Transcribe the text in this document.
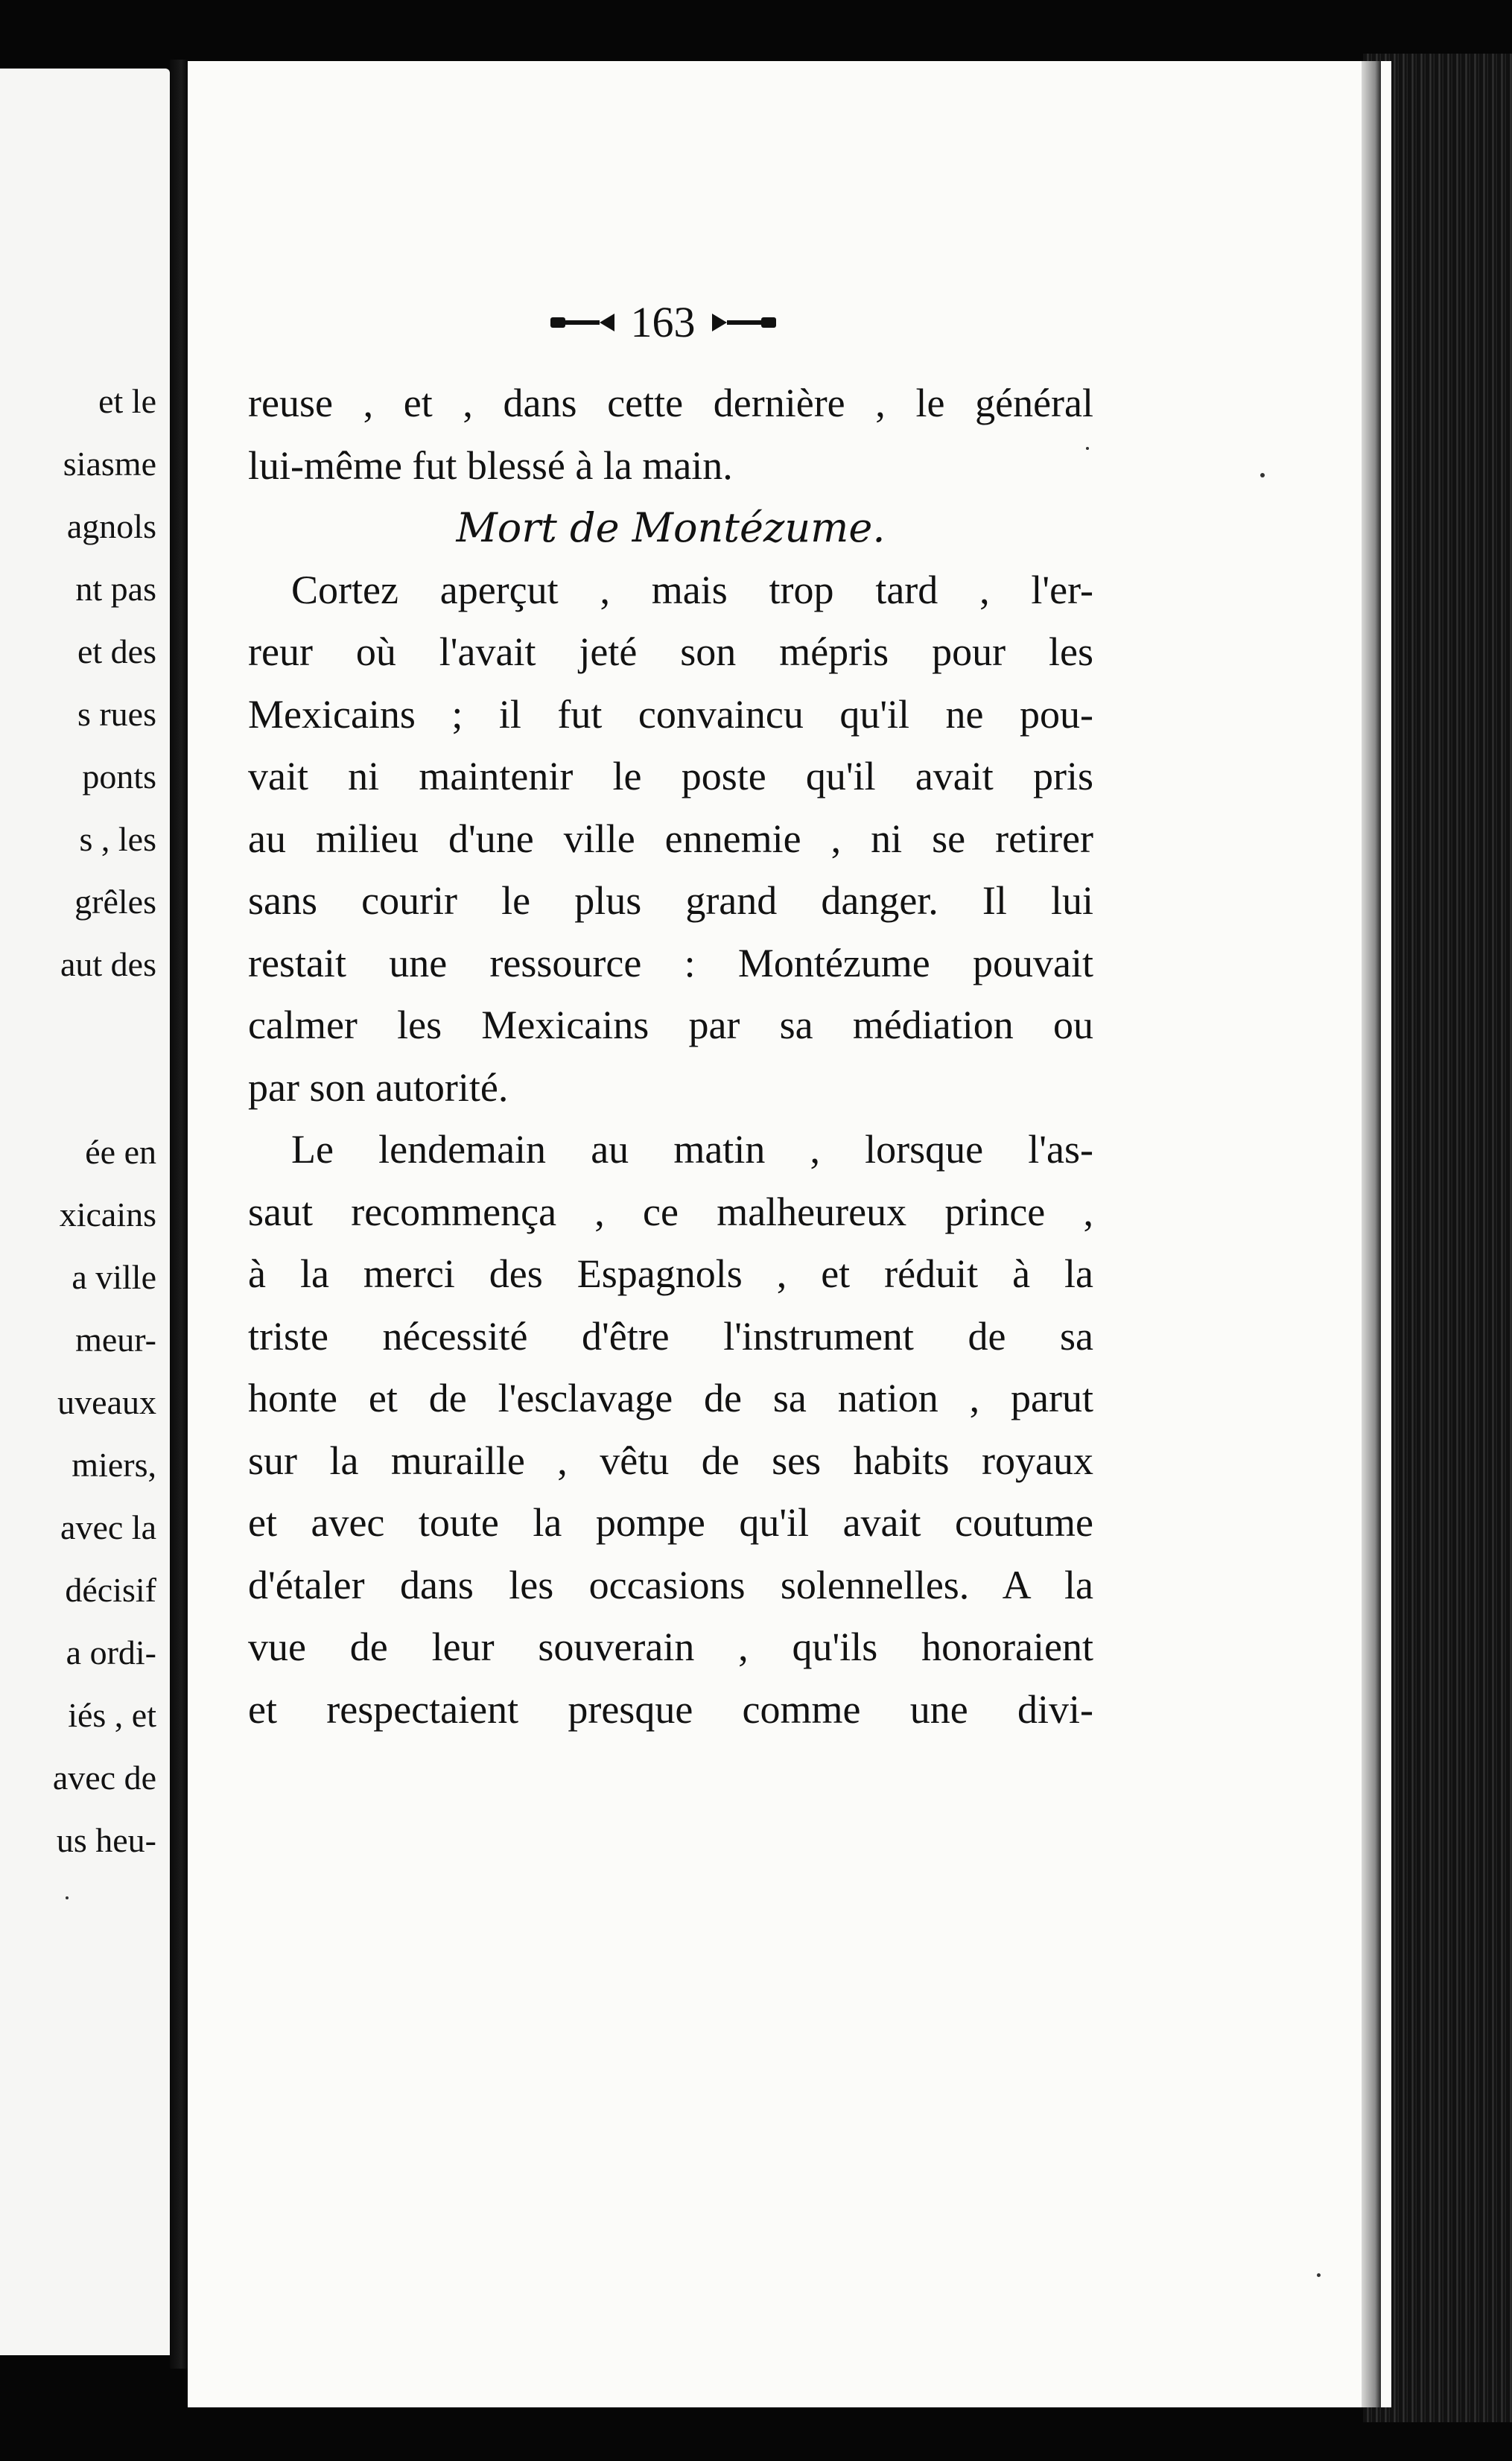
et le
siasme
agnols
nt pas
et des
s rues
ponts
s , les
grêles
aut des

ée en
xicains
a ville
meur-
uveaux
miers,
avec la
décisif
a ordi-
iés , et
avec de
us heu-
163
reuse , et , dans cette dernière , le général
lui-même fut blessé à la main.
Mort de Montézume.
Cortez aperçut , mais trop tard , l'er-
reur où l'avait jeté son mépris pour les
Mexicains ; il fut convaincu qu'il ne pou-
vait ni maintenir le poste qu'il avait pris
au milieu d'une ville ennemie , ni se retirer
sans courir le plus grand danger. Il lui
restait une ressource : Montézume pouvait
calmer les Mexicains par sa médiation ou
par son autorité.
Le lendemain au matin , lorsque l'as-
saut recommença , ce malheureux prince ,
à la merci des Espagnols , et réduit à la
triste nécessité d'être l'instrument de sa
honte et de l'esclavage de sa nation , parut
sur la muraille , vêtu de ses habits royaux
et avec toute la pompe qu'il avait coutume
d'étaler dans les occasions solennelles. A la
vue de leur souverain , qu'ils honoraient
et respectaient presque comme une divi-
